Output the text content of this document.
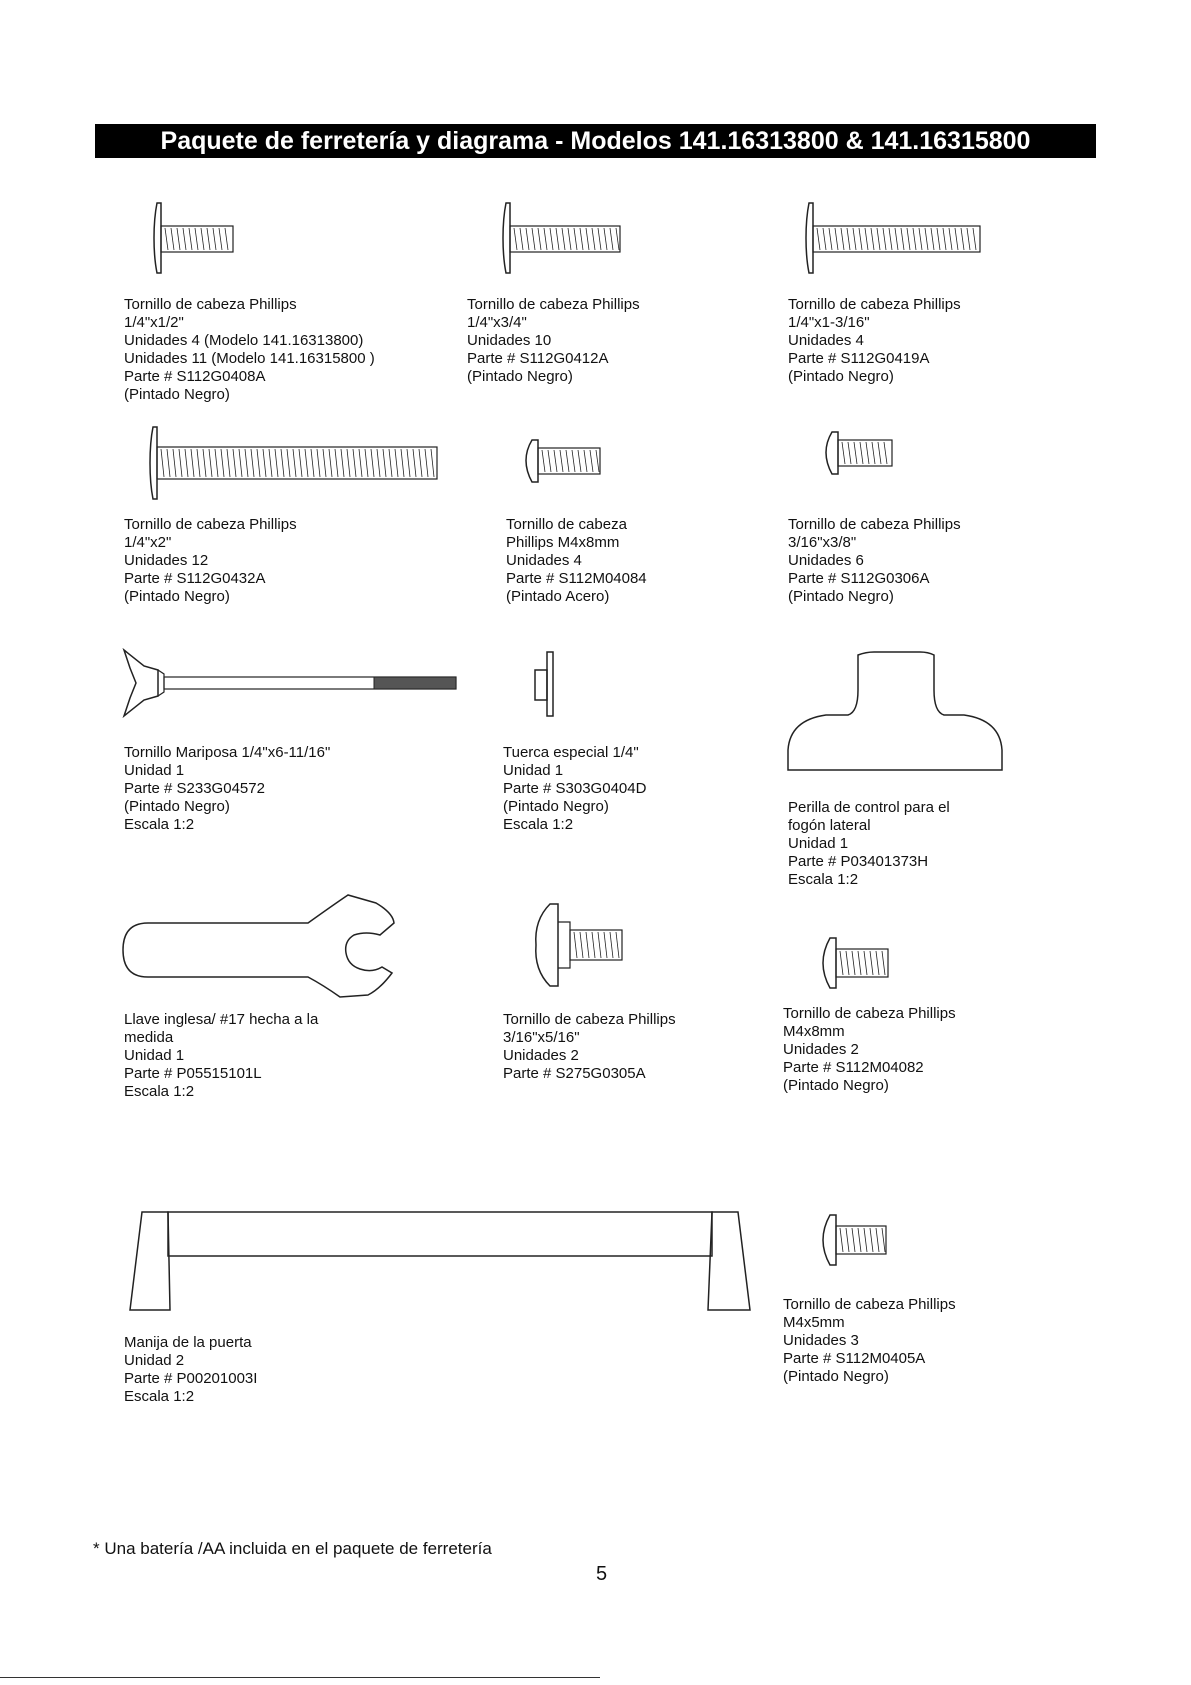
Paquete de ferretería y diagrama - Modelos 141.16313800 & 141.16315800
Tornillo de cabeza Phillips
1/4"x1/2"
Unidades 4 (Modelo 141.16313800)
Unidades 11 (Modelo 141.16315800 )
Parte # S112G0408A
(Pintado Negro)
Tornillo de cabeza Phillips
1/4"x3/4"
Unidades 10
Parte # S112G0412A
(Pintado Negro)
Tornillo de cabeza Phillips
1/4"x1-3/16"
Unidades 4
Parte # S112G0419A
(Pintado Negro)
Tornillo de cabeza Phillips
1/4"x2"
Unidades 12
Parte # S112G0432A
(Pintado Negro)
Tornillo de cabeza
Phillips M4x8mm
Unidades 4
Parte # S112M04084
(Pintado Acero)
Tornillo de cabeza Phillips
3/16"x3/8"
Unidades 6
Parte # S112G0306A
(Pintado Negro)
Tornillo Mariposa 1/4"x6-11/16"
Unidad 1
Parte # S233G04572
(Pintado Negro)
Escala 1:2
Tuerca especial 1/4"
Unidad 1
Parte # S303G0404D
(Pintado Negro)
Escala 1:2
Perilla de control para el
fogón lateral
Unidad 1
Parte # P03401373H
Escala 1:2
Llave inglesa/ #17 hecha a la
medida
Unidad 1
Parte # P05515101L
Escala 1:2
Tornillo de cabeza Phillips
3/16"x5/16"
Unidades 2
Parte # S275G0305A
Tornillo de cabeza Phillips
M4x8mm
Unidades 2
Parte # S112M04082
(Pintado Negro)
Manija de la puerta
Unidad 2
Parte # P00201003I
Escala 1:2
Tornillo de cabeza Phillips
M4x5mm
Unidades 3
Parte # S112M0405A
(Pintado Negro)
* Una batería /AA incluida en el paquete de ferretería
5
